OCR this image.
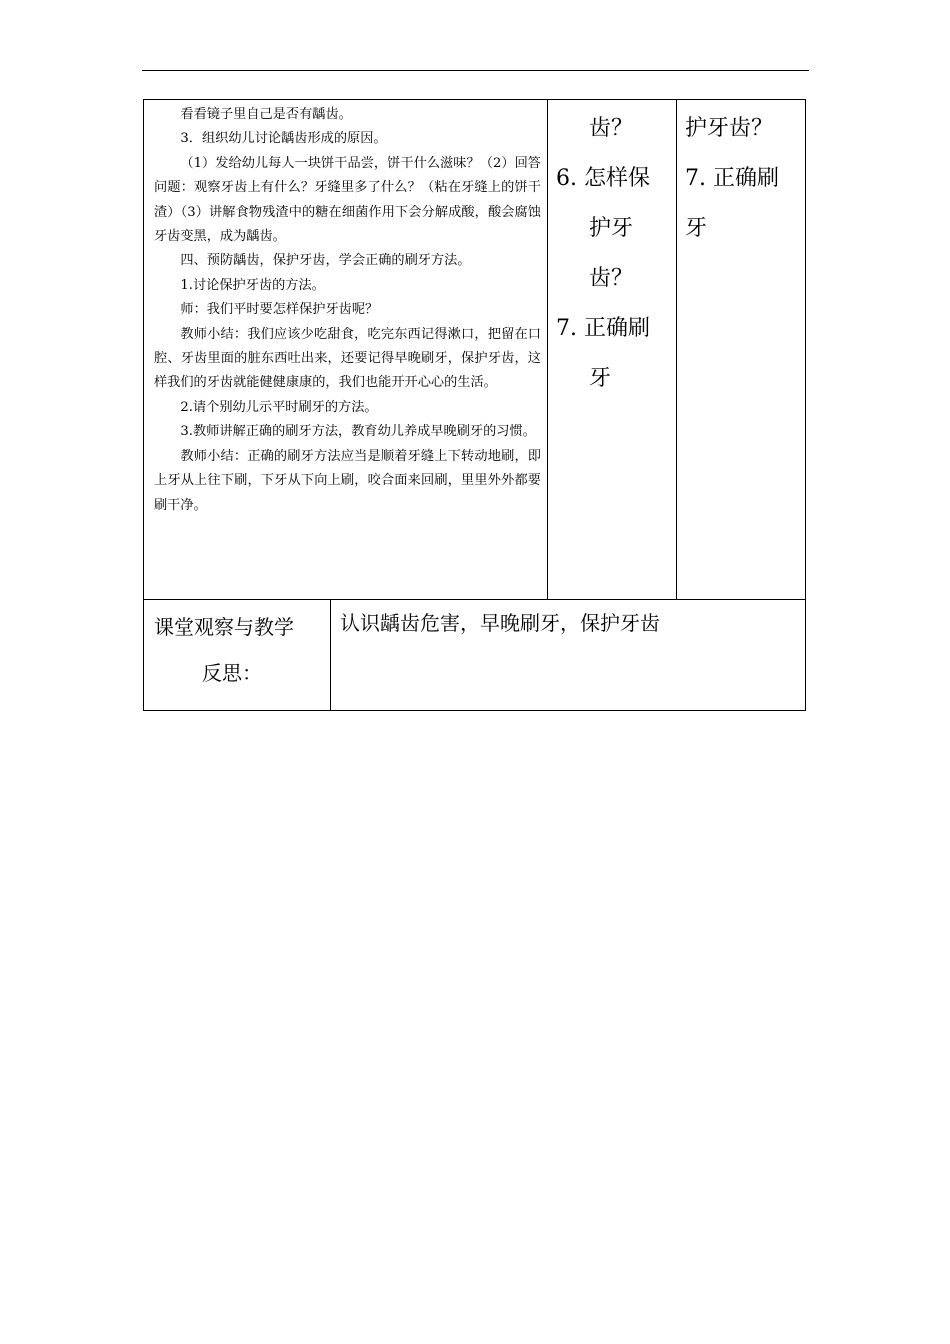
看看镜子里自己是否有龋齿。

3．组织幼儿讨论龋齿形成的原因。

（1）发给幼儿每人一块饼干品尝，饼干什么滋味？（2）回答问题：观察牙齿上有什么？牙缝里多了什么？（粘在牙缝上的饼干渣）（3）讲解食物残渣中的糖在细菌作用下会分解成酸，酸会腐蚀牙齿变黑，成为龋齿。

四、预防龋齿，保护牙齿，学会正确的刷牙方法。

1.讨论保护牙齿的方法。

师：我们平时要怎样保护牙齿呢？

教师小结：我们应该少吃甜食，吃完东西记得漱口，把留在口腔、牙齿里面的脏东西吐出来，还要记得早晚刷牙，保护牙齿，这样我们的牙齿就能健健康康的，我们也能开开心心的生活。

2.请个别幼儿示平时刷牙的方法。

3.教师讲解正确的刷牙方法，教育幼儿养成早晚刷牙的习惯。

教师小结：正确的刷牙方法应当是顺着牙缝上下转动地刷，即上牙从上往下刷，下牙从下向上刷，咬合面来回刷，里里外外都要刷干净。

齿？
6. 怎样保
护牙
齿？
7. 正确刷
牙
护牙齿？
7. 正确刷
牙
课堂观察与教学
反思：
认识龋齿危害，早晚刷牙，保护牙齿
